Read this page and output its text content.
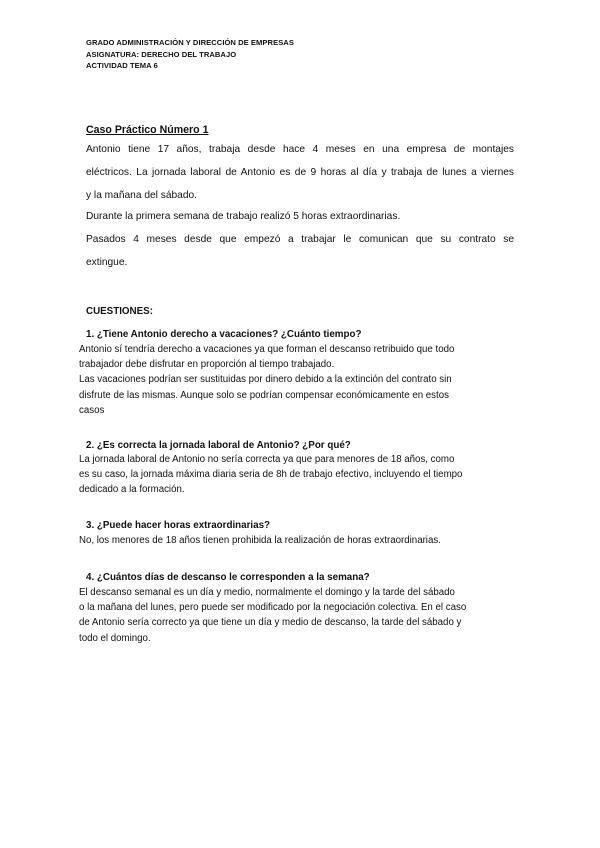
GRADO ADMINISTRACIÓN Y DIRECCIÓN DE EMPRESAS
ASIGNATURA: DERECHO DEL TRABAJO
ACTIVIDAD TEMA 6
Caso Práctico Número 1
Antonio tiene 17 años, trabaja desde hace 4 meses en una empresa de montajes
eléctricos. La jornada laboral de Antonio es de 9 horas al día y trabaja de lunes a viernes
y la mañana del sábado.
Durante la primera semana de trabajo realizó 5 horas extraordinarias.
Pasados 4 meses desde que empezó a trabajar le comunican que su contrato se
extingue.
CUESTIONES:
1. ¿Tiene Antonio derecho a vacaciones? ¿Cuánto tiempo?
Antonio sí tendría derecho a vacaciones ya que forman el descanso retribuido que todo
trabajador debe disfrutar en proporción al tiempo trabajado.
Las vacaciones podrían ser sustituidas por dinero debido a la extinción del contrato sin
disfrute de las mismas. Aunque solo se podrían compensar económicamente en estos
casos
2. ¿Es correcta la jornada laboral de Antonio? ¿Por qué?
La jornada laboral de Antonio no sería correcta ya que para menores de 18 años, como
es su caso, la jornada máxima diaria seria de 8h de trabajo efectivo, incluyendo el tiempo
dedicado a la formación.
3. ¿Puede hacer horas extraordinarias?
No, los menores de 18 años tienen prohibida la realización de horas extraordinarias.
4. ¿Cuántos días de descanso le corresponden a la semana?
El descanso semanal es un día y medio, normalmente el domingo y la tarde del sábado
o la mañana del lunes, pero puede ser modificado por la negociación colectiva. En el caso
de Antonio sería correcto ya que tiene un día y medio de descanso, la tarde del sábado y
todo el domingo.
